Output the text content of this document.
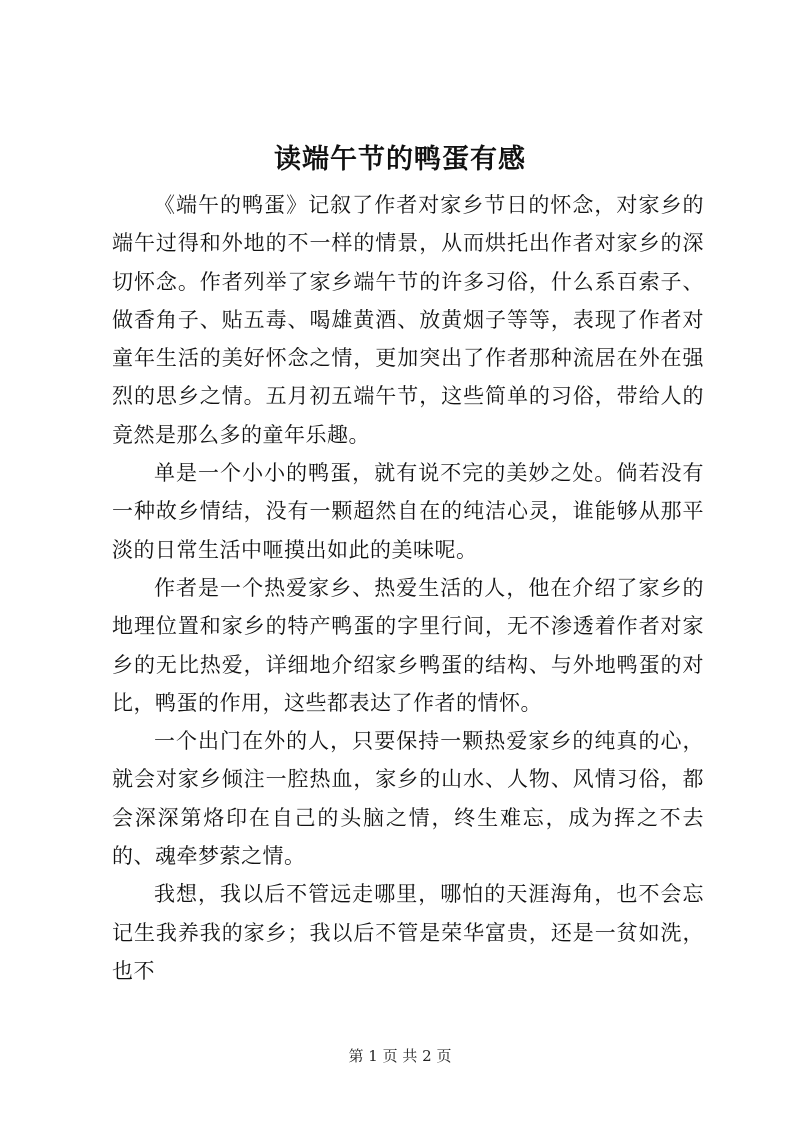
读端午节的鸭蛋有感

《端午的鸭蛋》记叙了作者对家乡节日的怀念，对家乡的端午过得和外地的不一样的情景，从而烘托出作者对家乡的深切怀念。作者列举了家乡端午节的许多习俗，什么系百索子、做香角子、贴五毒、喝雄黄酒、放黄烟子等等，表现了作者对童年生活的美好怀念之情，更加突出了作者那种流居在外在强烈的思乡之情。五月初五端午节，这些简单的习俗，带给人的竟然是那么多的童年乐趣。

单是一个小小的鸭蛋，就有说不完的美妙之处。倘若没有一种故乡情结，没有一颗超然自在的纯洁心灵，谁能够从那平淡的日常生活中咂摸出如此的美味呢。

作者是一个热爱家乡、热爱生活的人，他在介绍了家乡的地理位置和家乡的特产鸭蛋的字里行间，无不渗透着作者对家乡的无比热爱，详细地介绍家乡鸭蛋的结构、与外地鸭蛋的对比，鸭蛋的作用，这些都表达了作者的情怀。

一个出门在外的人，只要保持一颗热爱家乡的纯真的心，就会对家乡倾注一腔热血，家乡的山水、人物、风情习俗，都会深深第烙印在自己的头脑之情，终生难忘，成为挥之不去的、魂牵梦萦之情。

我想，我以后不管远走哪里，哪怕的天涯海角，也不会忘记生我养我的家乡；我以后不管是荣华富贵，还是一贫如洗，也不

第 1 页 共 2 页
